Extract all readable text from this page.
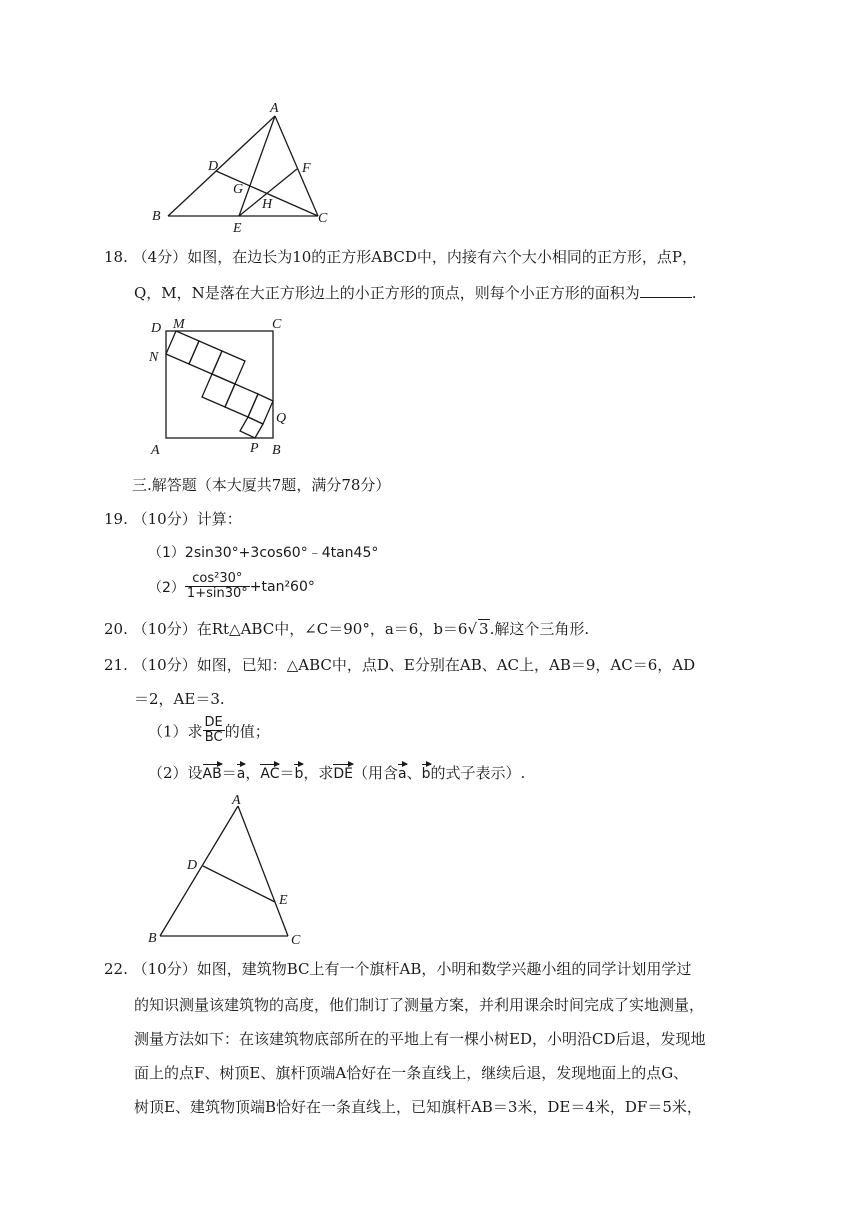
A
D	F
G
H
B
E
C
18. （4分）如图，在边长为10的正方形ABCD中，内接有六个大小相同的正方形，点P，
Q，M，N是落在大正方形边上的小正方形的顶点，则每个小正方形的面积为	.
D M	C
N
Q
A	P B
三.解答题（本大厦共7题，满分78分）
19. （10分）计算：
（1）2sin30°+3cos60°﹣4tan45°
$(2) \frac{\text{cos²30°}}{1+\sin 30^\circ} +\tan^260^\circ$
20. （10分）在Rt△ABC中，∠C＝90°，a＝6，b＝6√ 3.解这个三角形.
21. （10分）如图，已知：△ABC中，点D、E分别在AB、AC上，AB＝9，AC＝6，AD
＝2，AE＝3.
（1）求 $\frac{DE}{BC}$ 的值；
（2）设AB＝a，AC＝b，求DE（用含a、b的式子表示）.
A
D
E
B	C
22. （10分）如图，建筑物BC上有一个旗杆AB，小明和数学兴趣小组的同学计划用学过
的知识测量该建筑物的高度，他们制订了测量方案，并利用课余时间完成了实地测量，
测量方法如下：在该建筑物底部所在的平地上有一棵小树ED，小明沿CD后退，发现地
面上的点F、树顶E、旗杆顶端A恰好在一条直线上，继续后退，发现地面上的点G、
树顶E、建筑物顶端B恰好在一条直线上，已知旗杆AB＝3米，DE＝4米，DF＝5米，
